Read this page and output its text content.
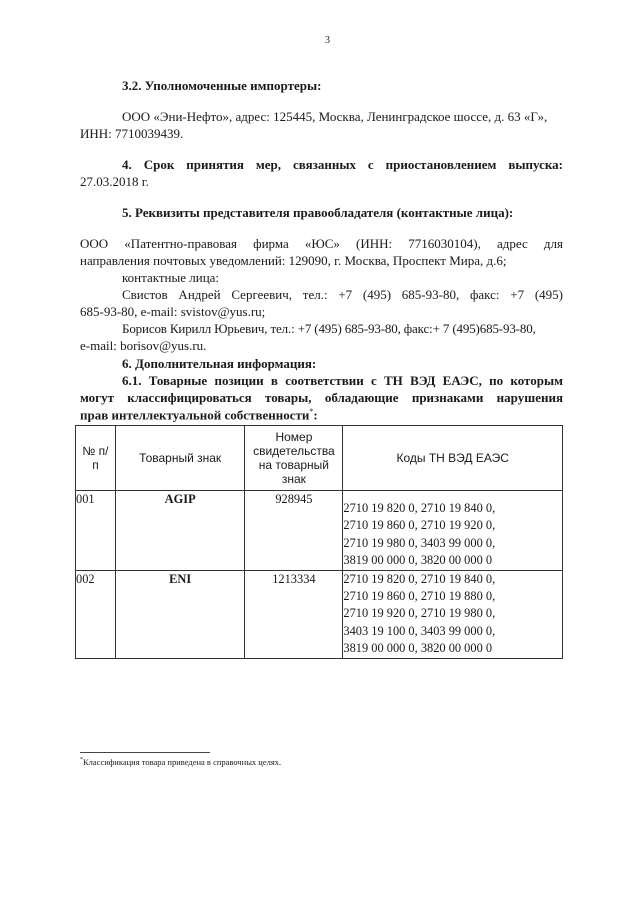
3
3.2. Уполномоченные импортеры:
ООО «Эни-Нефто», адрес: 125445, Москва, Ленинградское шоссе, д. 63 «Г»,
ИНН: 7710039439.
4. Срок принятия мер, связанных с приостановлением выпуска:
27.03.2018 г.
5. Реквизиты представителя правообладателя (контактные лица):
ООО «Патентно-правовая фирма «ЮС» (ИНН: 7716030104), адрес для
направления почтовых уведомлений: 129090, г. Москва, Проспект Мира, д.6;
контактные лица:
Свистов Андрей Сергеевич, тел.: +7 (495) 685-93-80, факс: +7 (495)
685-93-80, e-mail: svistov@yus.ru;
Борисов Кирилл Юрьевич, тел.: +7 (495) 685-93-80, факс:+ 7 (495)685-93-80,
e-mail: borisov@yus.ru.
6. Дополнительная информация:
6.1. Товарные позиции в соответствии с ТН ВЭД ЕАЭС, по которым
могут классифицироваться товары, обладающие признаками нарушения
прав интеллектуальной собственности*:
№ п/п	Товарный знак	Номер свидетельства на товарный знак	Коды ТН ВЭД ЕАЭС
001	AGIP	928945	2710 19 820 0, 2710 19 840 0,
2710 19 860 0, 2710 19 920 0,
2710 19 980 0, 3403 99 000 0,
3819 00 000 0, 3820 00 000 0

002	ENI	1213334	2710 19 820 0, 2710 19 840 0,
2710 19 860 0, 2710 19 880 0,
2710 19 920 0, 2710 19 980 0,
3403 19 100 0, 3403 99 000 0,
3819 00 000 0, 3820 00 000 0
*Классификация товара приведена в справочных целях.
